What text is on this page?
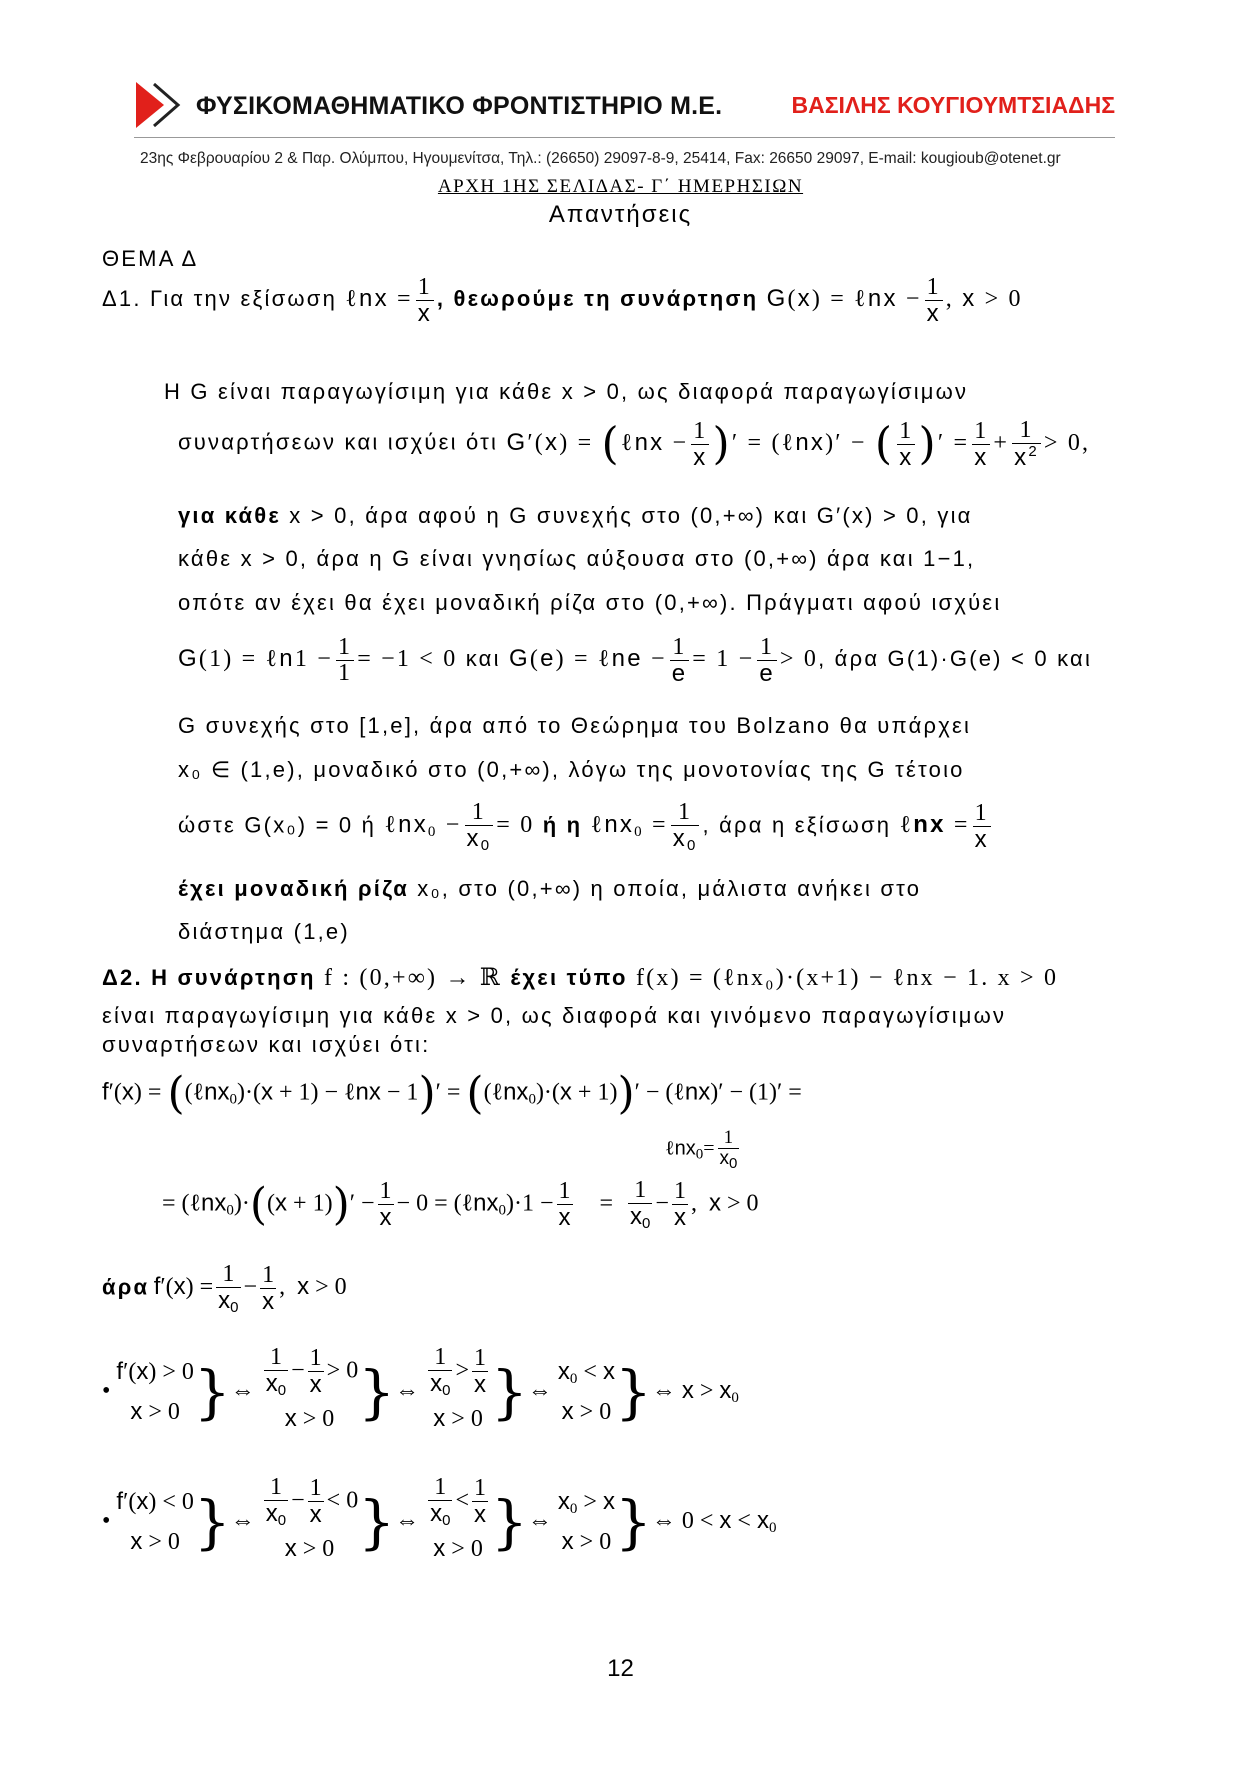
ΦΥΣΙΚΟΜΑΘΗΜΑΤΙΚΟ ΦΡΟΝΤΙΣΤΗΡΙΟ Μ.Ε.	ΒΑΣΙΛΗΣ ΚΟΥΓΙΟΥΜΤΣΙΑΔΗΣ
23ης Φεβρουαρίου 2 & Παρ. Ολύμπου, Ηγουμενίτσα, Τηλ.: (26650) 29097-8-9, 25414, Fax: 26650 29097, E-mail: kougioub@otenet.gr
ΑΡΧΗ 1ΗΣ ΣΕΛΙΔΑΣ- Γ΄ ΗΜΕΡΗΣΙΩΝ
Απαντήσεις
ΘΕΜΑ Δ
Δ1. Για την εξίσωση ℓnx = $\frac{1}{x}$ , θεωρούμε τη συνάρτηση G(x) = ℓnx − $\frac{1}{x}$ , x > 0
Η G είναι παραγωγίσιμη για κάθε x > 0, ως διαφορά παραγωγίσιμων
συναρτήσεων και ισχύει ότι G′(x) = (ℓnx − $\frac{1}{x}$ )′ = (ℓnx)′ − ( $\frac{1}{x}$ )′ = $\frac{1}{x} + \frac{1}{x^2} > 0$,
για κάθε x > 0, άρα αφού η G συνεχής στο (0,+∞) και G′(x) > 0, για
κάθε x > 0, άρα η G είναι γνησίως αύξουσα στο (0,+∞) άρα και 1−1,
οπότε αν έχει θα έχει μοναδική ρίζα στο (0,+∞). Πράγματι αφού ισχύει
G(1) = ℓn1 − $\frac{1}{1} = -1 < 0$ και G(e) = ℓne − $\frac{1}{e} = 1 - \frac{1}{e} > 0$, άρα G(1)·G(e) < 0 και
G συνεχής στο [1,e], άρα από το Θεώρημα του Bolzano θα υπάρχει
x₀ ∈ (1,e), μοναδικό στο (0,+∞), λόγω της μονοτονίας της G τέτοιο
ώστε G(x₀) = 0 ή ℓnx$_0$ − $\frac{1}{x_0} = 0$ ή η ℓnx$_0$ = $\frac{1}{x_0}$ , άρα η εξίσωση ℓnx = $\frac{1}{x}$
έχει μοναδική ρίζα x₀, στο (0,+∞) η οποία, μάλιστα ανήκει στο
διάστημα (1,e)
Δ2. Η συνάρτηση f : (0,+∞) → ℝ έχει τύπο f(x) = (ℓnx₀)·(x+1) − ℓnx − 1. x > 0
είναι παραγωγίσιμη για κάθε x > 0, ως διαφορά και γινόμενο παραγωγίσιμων
συναρτήσεων και ισχύει ότι:
f′(x) = ((ℓnx$_0$)·(x + 1) − ℓnx − 1)′ = ((ℓnx$_0$)·(x + 1))′ − (ℓnx)′ − (1)′ =
ℓnx$_0$= $\frac{1}{x_0}$
= (ℓnx$_0$)·((x + $1))' - \frac{1}{x} - 0$ = (ℓnx$_0$)·1 − $\frac{1}{x} = \frac{1}{x_0} - \frac{1}{x}$ ,  x > 0
άρα $f'(x) = \frac{1}{x_0} - \frac{1}{x}$ ,  x > 0
• f′(x) > 0
x > 0 }⇔ $\frac{1}{x_0} - \frac{1}{x} > 0$
x > 0 }⇔ $\frac{1}{x_0} > \frac{1}{x}$

x > 0 }⇔ $x_0 < x$
x > 0}⇔ $x > x_0$
• f′(x) < 0
x > 0 }⇔ $\frac{1}{x_0} - \frac{1}{x} < 0$
x > 0 }⇔ $\frac{1}{x_0} < \frac{1}{x}$

x > 0 }⇔ $x_0 > x$
x > 0}⇔ $0 < x < x_0$
12
